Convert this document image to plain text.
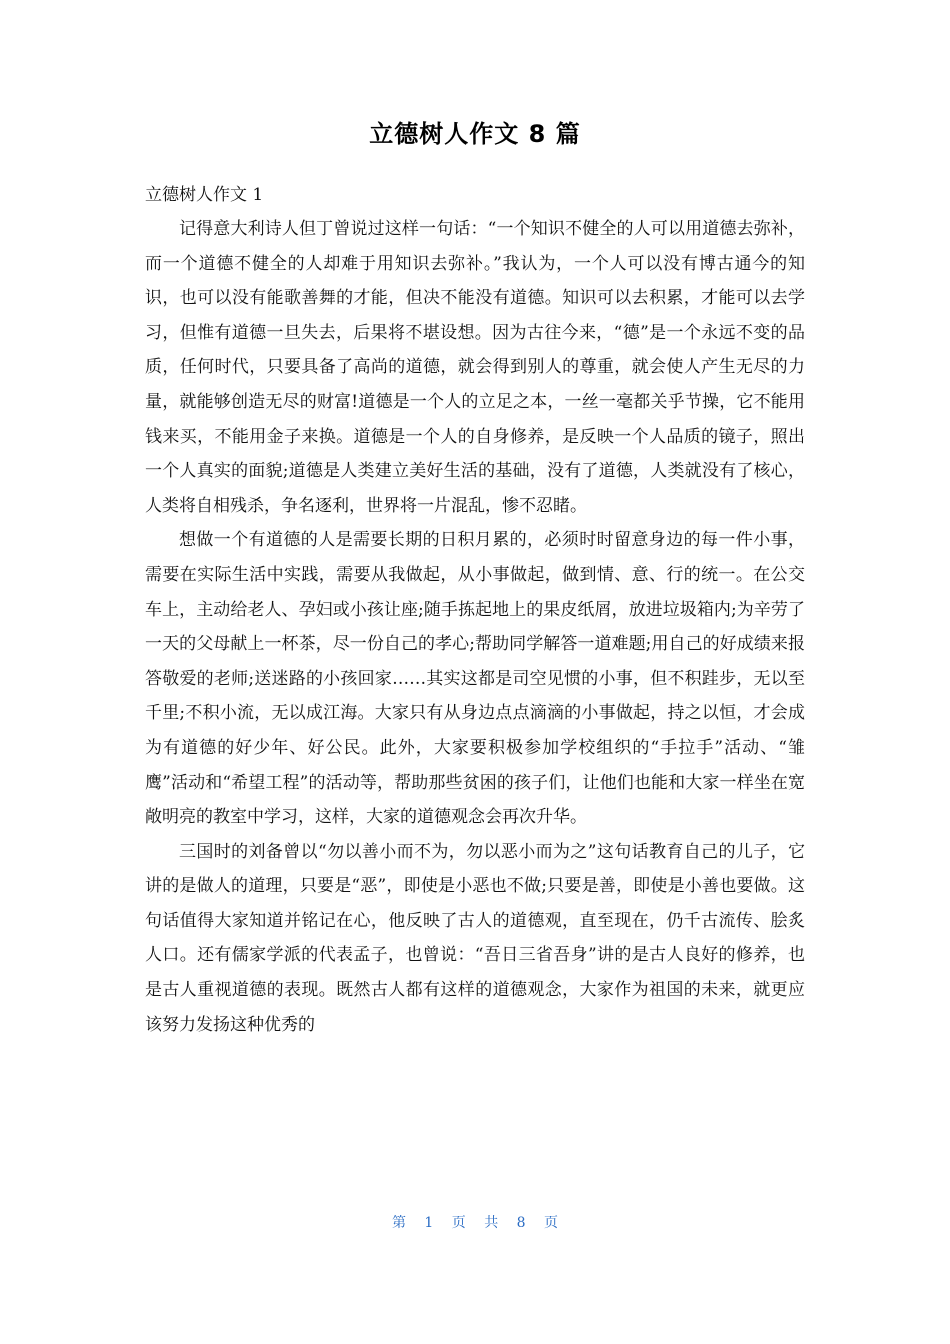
立德树人作文 8 篇
立德树人作文 1

记得意大利诗人但丁曾说过这样一句话：“一个知识不健全的人可以用道德去弥补，而一个道德不健全的人却难于用知识去弥补。”我认为，一个人可以没有博古通今的知识，也可以没有能歌善舞的才能，但决不能没有道德。知识可以去积累，才能可以去学习，但惟有道德一旦失去，后果将不堪设想。因为古往今来，“德”是一个永远不变的品质，任何时代，只要具备了高尚的道德，就会得到别人的尊重，就会使人产生无尽的力量，就能够创造无尽的财富!道德是一个人的立足之本，一丝一毫都关乎节操，它不能用钱来买，不能用金子来换。道德是一个人的自身修养，是反映一个人品质的镜子，照出一个人真实的面貌;道德是人类建立美好生活的基础，没有了道德，人类就没有了核心，人类将自相残杀，争名逐利，世界将一片混乱，惨不忍睹。

想做一个有道德的人是需要长期的日积月累的，必须时时留意身边的每一件小事，需要在实际生活中实践，需要从我做起，从小事做起，做到情、意、行的统一。在公交车上，主动给老人、孕妇或小孩让座;随手拣起地上的果皮纸屑，放进垃圾箱内;为辛劳了一天的父母献上一杯茶，尽一份自己的孝心;帮助同学解答一道难题;用自己的好成绩来报答敬爱的老师;送迷路的小孩回家……其实这都是司空见惯的小事，但不积跬步，无以至千里;不积小流，无以成江海。大家只有从身边点点滴滴的小事做起，持之以恒，才会成为有道德的好少年、好公民。此外，大家要积极参加学校组织的“手拉手”活动、“雏鹰”活动和“希望工程”的活动等，帮助那些贫困的孩子们，让他们也能和大家一样坐在宽敞明亮的教室中学习，这样，大家的道德观念会再次升华。

三国时的刘备曾以“勿以善小而不为，勿以恶小而为之”这句话教育自己的儿子，它讲的是做人的道理，只要是“恶”，即使是小恶也不做;只要是善，即使是小善也要做。这句话值得大家知道并铭记在心，他反映了古人的道德观，直至现在，仍千古流传、脍炙人口。还有儒家学派的代表孟子，也曾说：“吾日三省吾身”讲的是古人良好的修养，也是古人重视道德的表现。既然古人都有这样的道德观念，大家作为祖国的未来，就更应该努力发扬这种优秀的

第 1 页 共 8 页
